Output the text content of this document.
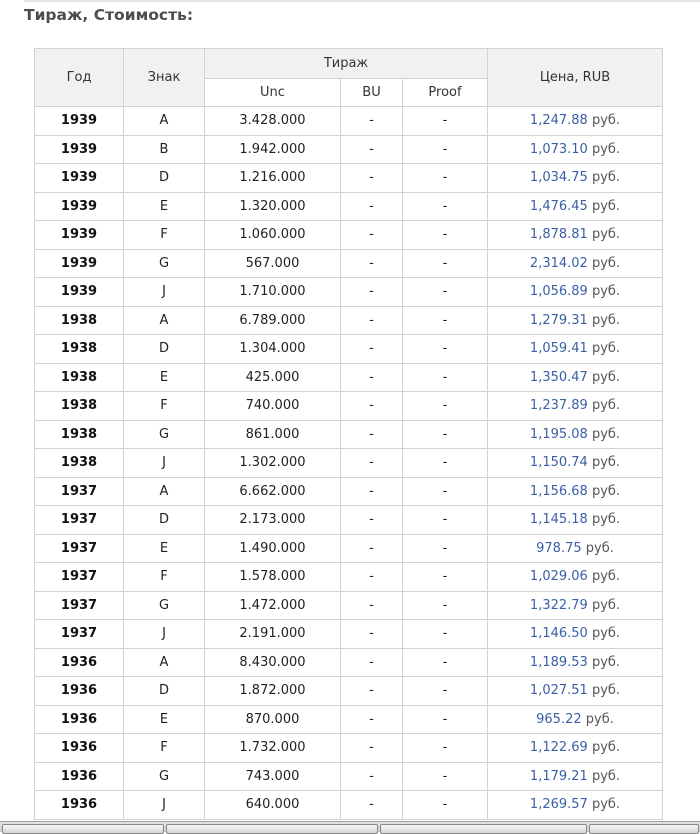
Тираж, Стоимость:
Год	Знак	Тираж			Цена, RUB
		Unc	BU	Proof	
1939	A	3.428.000	-	-	1,247.88 руб.
1939	B	1.942.000	-	-	1,073.10 руб.
1939	D	1.216.000	-	-	1,034.75 руб.
1939	E	1.320.000	-	-	1,476.45 руб.
1939	F	1.060.000	-	-	1,878.81 руб.
1939	G	567.000	-	-	2,314.02 руб.
1939	J	1.710.000	-	-	1,056.89 руб.
1938	A	6.789.000	-	-	1,279.31 руб.
1938	D	1.304.000	-	-	1,059.41 руб.
1938	E	425.000	-	-	1,350.47 руб.
1938	F	740.000	-	-	1,237.89 руб.
1938	G	861.000	-	-	1,195.08 руб.
1938	J	1.302.000	-	-	1,150.74 руб.
1937	A	6.662.000	-	-	1,156.68 руб.
1937	D	2.173.000	-	-	1,145.18 руб.
1937	E	1.490.000	-	-	978.75 руб.
1937	F	1.578.000	-	-	1,029.06 руб.
1937	G	1.472.000	-	-	1,322.79 руб.
1937	J	2.191.000	-	-	1,146.50 руб.
1936	A	8.430.000	-	-	1,189.53 руб.
1936	D	1.872.000	-	-	1,027.51 руб.
1936	E	870.000	-	-	965.22 руб.
1936	F	1.732.000	-	-	1,122.69 руб.
1936	G	743.000	-	-	1,179.21 руб.
1936	J	640.000	-	-	1,269.57 руб.
